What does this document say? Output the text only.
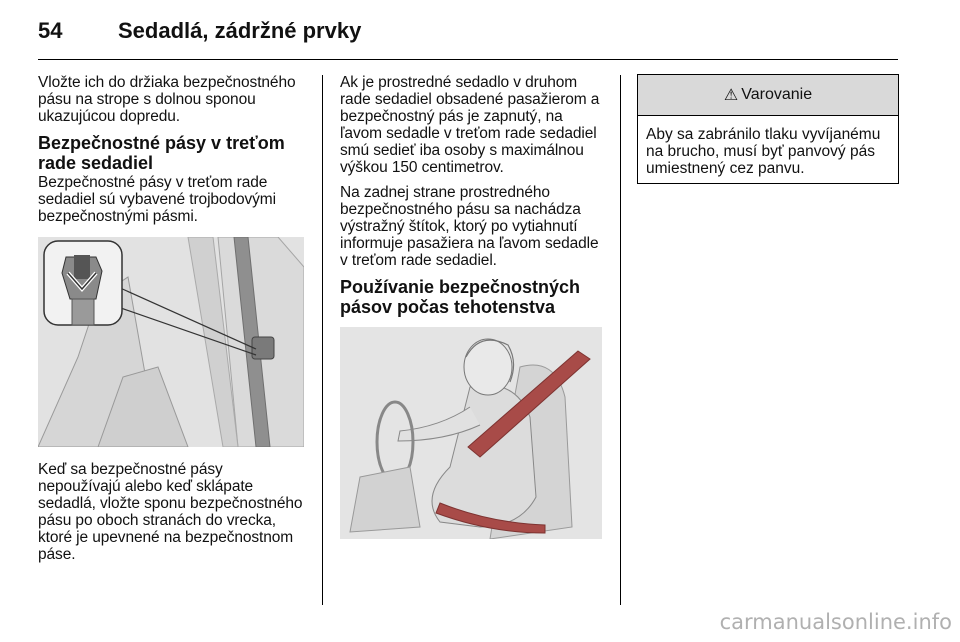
54	Sedadlá, zádržné prvky

Vložte ich do držiaka bezpečnostného pásu na strope s dolnou sponou ukazujúcou dopredu.

Bezpečnostné pásy v treťom rade sedadiel

Bezpečnostné pásy v treťom rade sedadiel sú vybavené trojbodovými bezpečnostnými pásmi.

Keď sa bezpečnostné pásy nepoužívajú alebo keď sklápate sedadlá, vložte sponu bezpečnostného pásu po oboch stranách do vrecka, ktoré je upevnené na bezpečnostnom páse.

Ak je prostredné sedadlo v druhom rade sedadiel obsadené pasažierom a bezpečnostný pás je zapnutý, na ľavom sedadle v treťom rade sedadiel smú sedieť iba osoby s maximálnou výškou 150 centimetrov.

Na zadnej strane prostredného bezpečnostného pásu sa nachádza výstražný štítok, ktorý po vytiahnutí informuje pasažiera na ľavom sedadle v treťom rade sedadiel.

Používanie bezpečnostných pásov počas tehotenstva
⚠ Varovanie
Aby sa zabránilo tlaku vyvíjanému na brucho, musí byť panvový pás umiestnený cez panvu.
carmanualsonline.info
